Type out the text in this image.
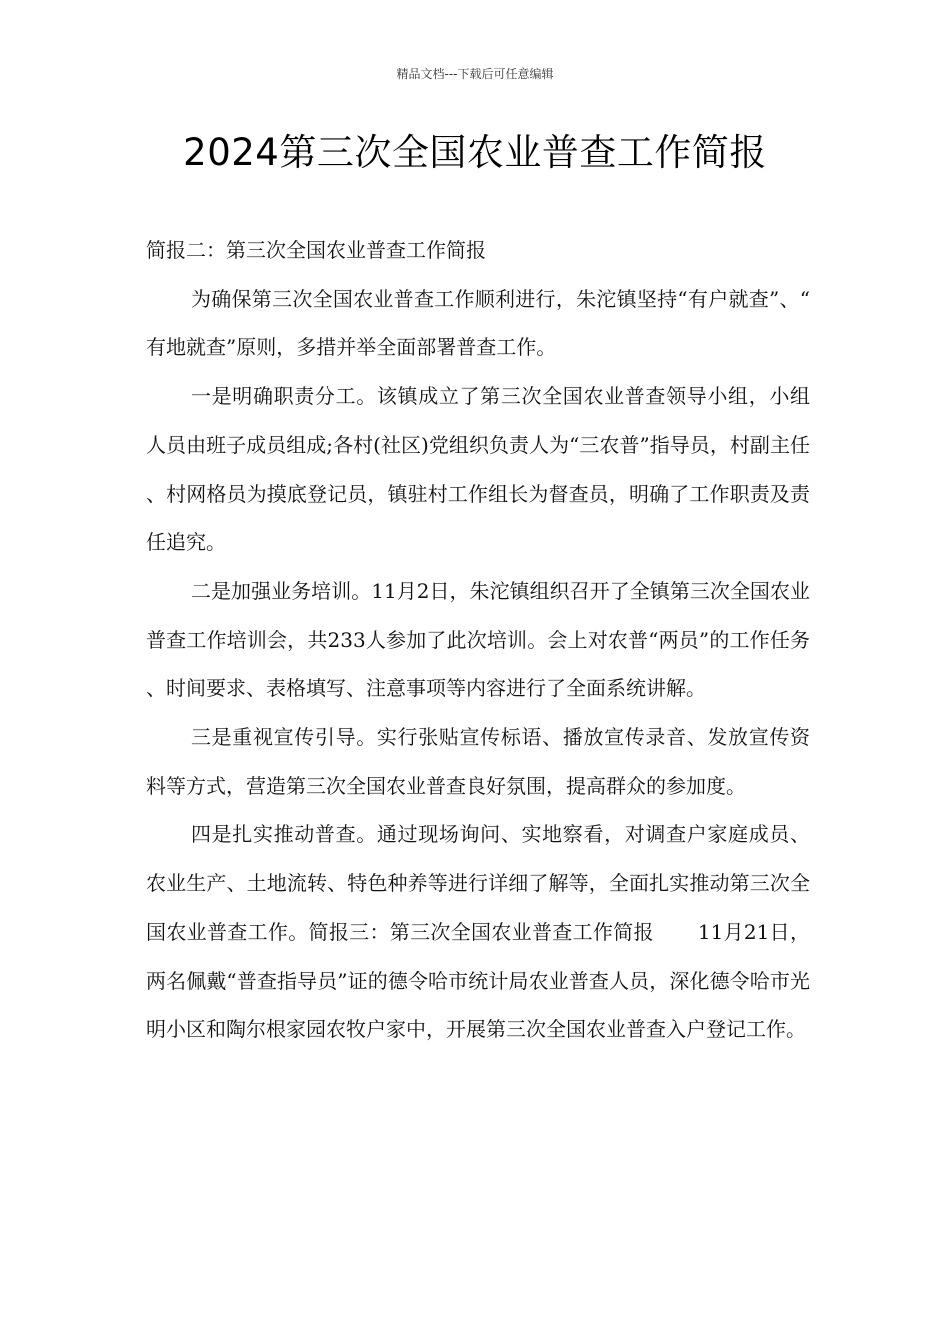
精品文档---下载后可任意编辑
2024第三次全国农业普查工作简报

简报二：第三次全国农业普查工作简报

为确保第三次全国农业普查工作顺利进行，朱沱镇坚持“有户就查”、“有地就查”原则，多措并举全面部署普查工作。

一是明确职责分工。该镇成立了第三次全国农业普查领导小组，小组人员由班子成员组成;各村(社区)党组织负责人为“三农普”指导员，村副主任、村网格员为摸底登记员，镇驻村工作组长为督查员，明确了工作职责及责任追究。

二是加强业务培训。11月2日，朱沱镇组织召开了全镇第三次全国农业普查工作培训会，共233人参加了此次培训。会上对农普“两员”的工作任务、时间要求、表格填写、注意事项等内容进行了全面系统讲解。

三是重视宣传引导。实行张贴宣传标语、播放宣传录音、发放宣传资料等方式，营造第三次全国农业普查良好氛围，提高群众的参加度。

四是扎实推动普查。通过现场询问、实地察看，对调查户家庭成员、农业生产、土地流转、特色种养等进行详细了解等，全面扎实推动第三次全国农业普查工作。简报三：第三次全国农业普查工作简报 11月21日，两名佩戴“普查指导员”证的德令哈市统计局农业普查人员，深化德令哈市光明小区和陶尔根家园农牧户家中，开展第三次全国农业普查入户登记工作。
